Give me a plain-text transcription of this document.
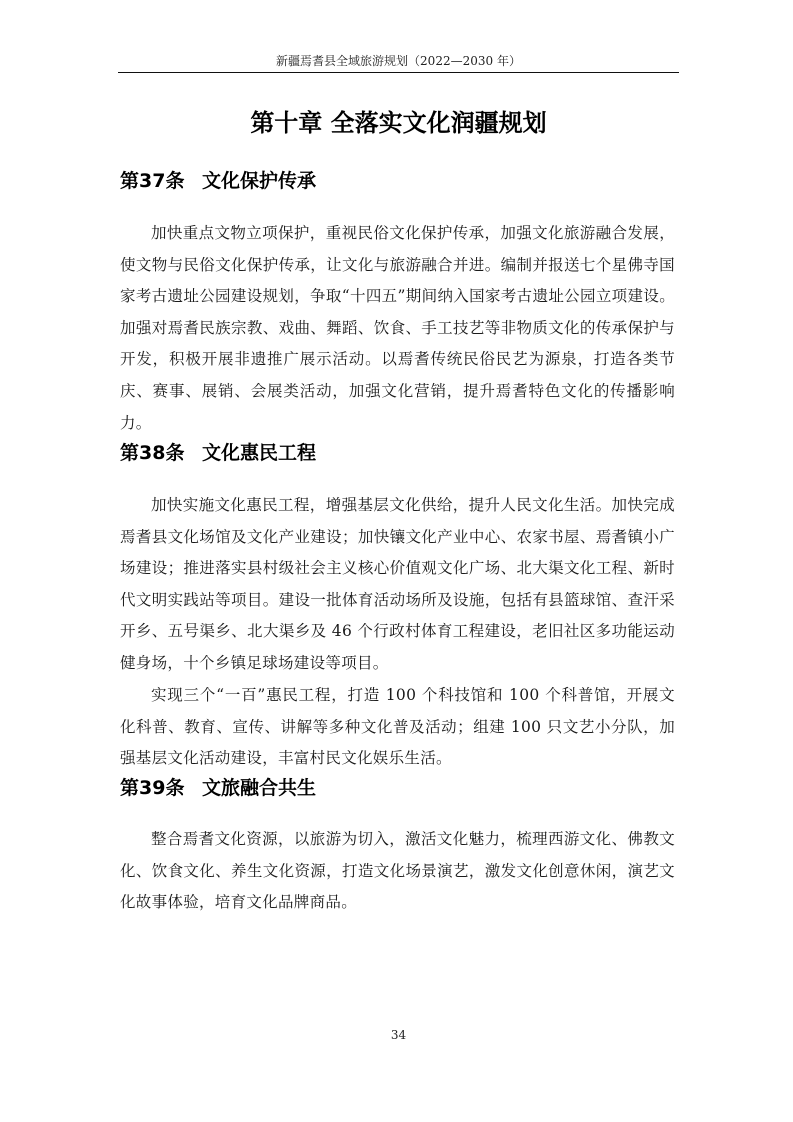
新疆焉耆县全域旅游规划（2022—2030 年）
第十章 全落实文化润疆规划
第37条 文化保护传承

加快重点文物立项保护，重视民俗文化保护传承，加强文化旅游融合发展，使文物与民俗文化保护传承，让文化与旅游融合并进。编制并报送七个星佛寺国家考古遗址公园建设规划，争取“十四五”期间纳入国家考古遗址公园立项建设。加强对焉耆民族宗教、戏曲、舞蹈、饮食、手工技艺等非物质文化的传承保护与开发，积极开展非遗推广展示活动。以焉耆传统民俗民艺为源泉，打造各类节庆、赛事、展销、会展类活动，加强文化营销，提升焉耆特色文化的传播影响力。

第38条 文化惠民工程

加快实施文化惠民工程，增强基层文化供给，提升人民文化生活。加快完成焉耆县文化场馆及文化产业建设；加快镶文化产业中心、农家书屋、焉耆镇小广场建设；推进落实县村级社会主义核心价值观文化广场、北大渠文化工程、新时代文明实践站等项目。建设一批体育活动场所及设施，包括有县篮球馆、查汗采开乡、五号渠乡、北大渠乡及 46 个行政村体育工程建设，老旧社区多功能运动健身场，十个乡镇足球场建设等项目。

实现三个“一百”惠民工程，打造 100 个科技馆和 100 个科普馆，开展文化科普、教育、宣传、讲解等多种文化普及活动；组建 100 只文艺小分队，加强基层文化活动建设，丰富村民文化娱乐生活。

第39条 文旅融合共生

整合焉耆文化资源，以旅游为切入，激活文化魅力，梳理西游文化、佛教文化、饮食文化、养生文化资源，打造文化场景演艺，激发文化创意休闲，演艺文化故事体验，培育文化品牌商品。

34
